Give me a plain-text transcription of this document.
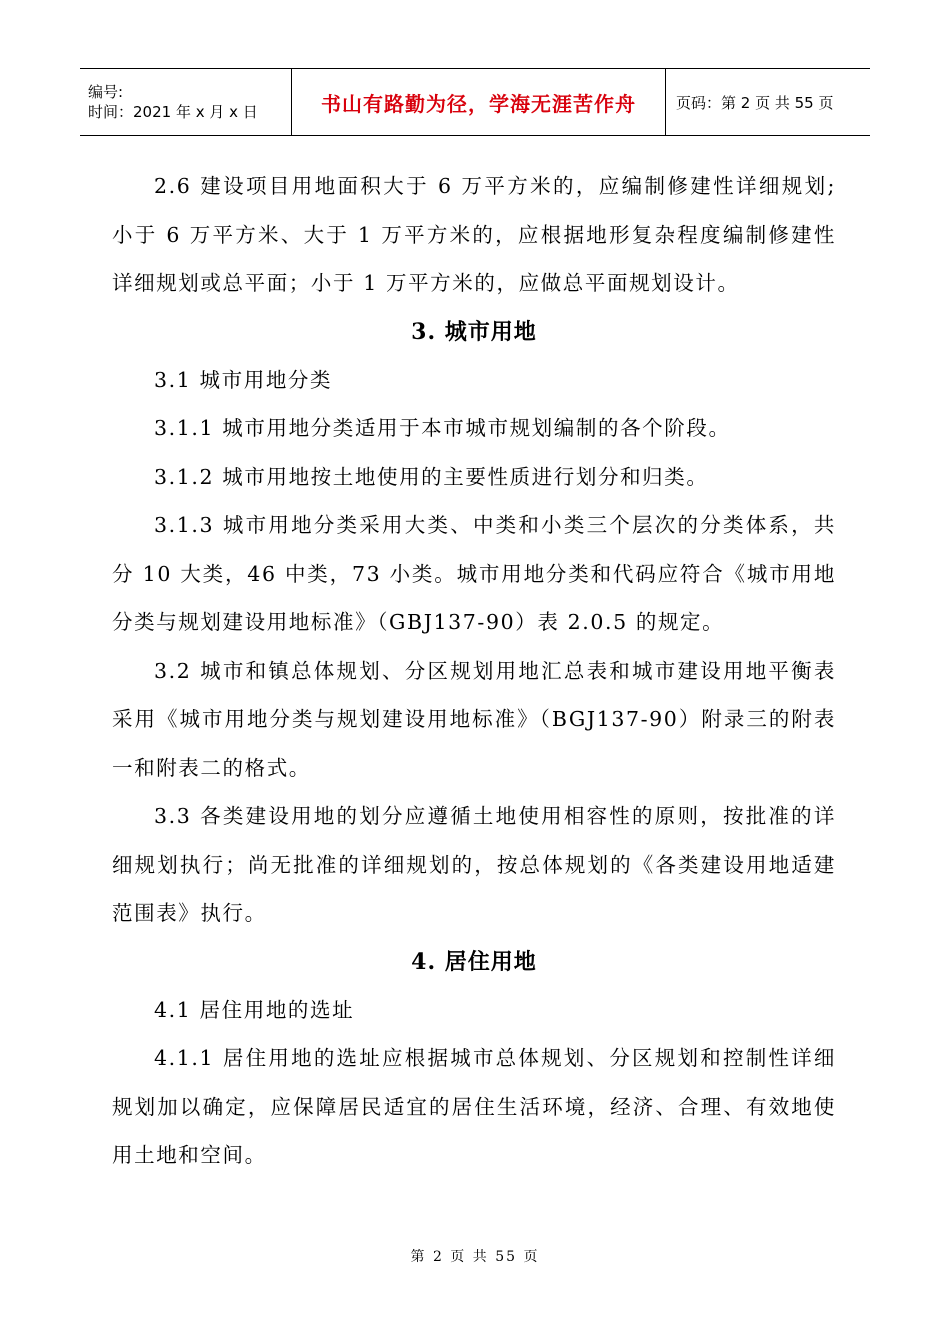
编号:
时间：2021 年 x 月 x 日	书山有路勤为径，学海无涯苦作舟	页码：第 2 页 共 55 页

2.6 建设项目用地面积大于 6 万平方米的，应编制修建性详细规划; 小于 6 万平方米、大于 1 万平方米的，应根据地形复杂程度编制修建性详细规划或总平面；小于 1 万平方米的，应做总平面规划设计。

3. 城市用地

3.1 城市用地分类

3.1.1 城市用地分类适用于本市城市规划编制的各个阶段。

3.1.2 城市用地按土地使用的主要性质进行划分和归类。

3.1.3 城市用地分类采用大类、中类和小类三个层次的分类体系，共分 10 大类，46 中类，73 小类。城市用地分类和代码应符合《城市用地分类与规划建设用地标准》（GBJ137-90）表 2.0.5 的规定。

3.2 城市和镇总体规划、分区规划用地汇总表和城市建设用地平衡表采用《城市用地分类与规划建设用地标准》（BGJ137-90）附录三的附表一和附表二的格式。

3.3 各类建设用地的划分应遵循土地使用相容性的原则，按批准的详细规划执行；尚无批准的详细规划的，按总体规划的《各类建设用地适建范围表》执行。

4. 居住用地

4.1 居住用地的选址

4.1.1 居住用地的选址应根据城市总体规划、分区规划和控制性详细规划加以确定，应保障居民适宜的居住生活环境，经济、合理、有效地使用土地和空间。

第 2 页 共 55 页
